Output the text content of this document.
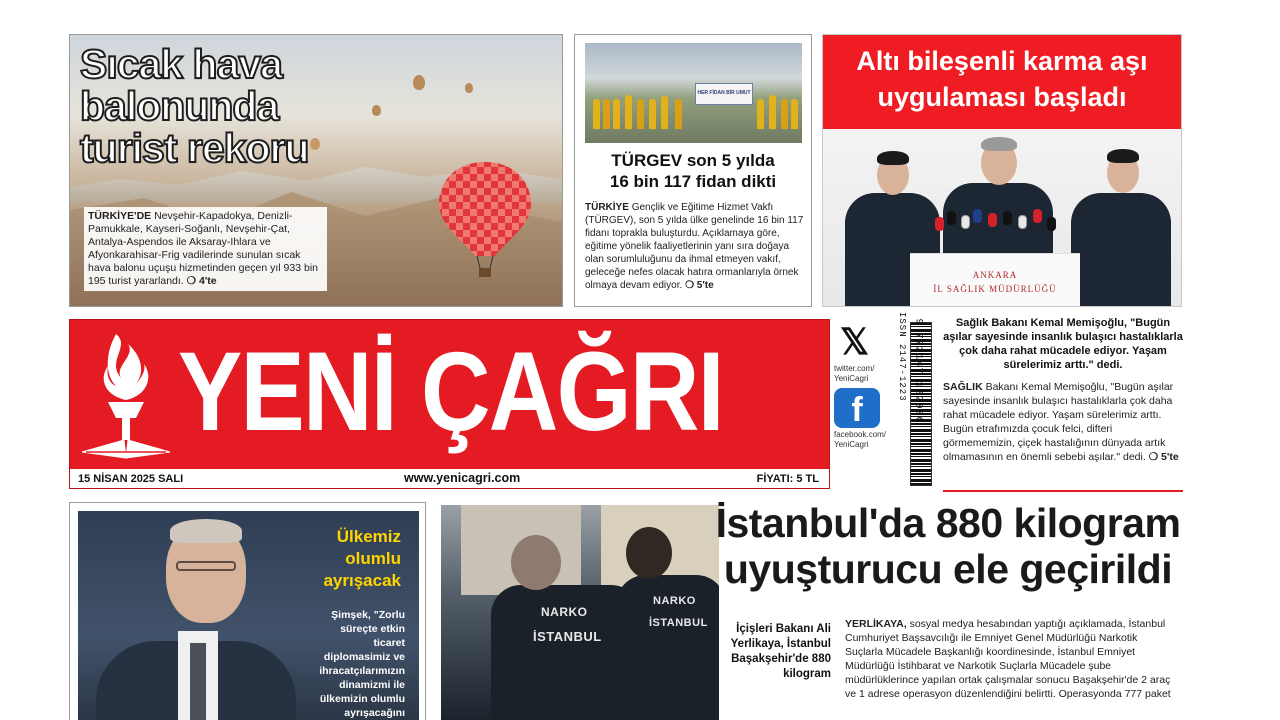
Sıcak hava
balonunda
turist rekoru
TÜRKİYE'DE Nevşehir-Kapadokya, Denizli-Pamukkale, Kayseri-Soğanlı, Nevşehir-Çat, Antalya-Aspendos ile Aksaray-Ihlara ve Afyonkarahisar-Frig vadilerinde sunulan sıcak hava balonu uçuşu hizmetinden geçen yıl 933 bin 195 turist yararlandı. ❍ 4'te
HER FİDAN BİR UMUT
TÜRGEV son 5 yılda
16 bin 117 fidan dikti
TÜRKİYE Gençlik ve Eğitime Hizmet Vakfı (TÜRGEV), son 5 yılda ülke genelinde 16 bin 117 fidanı toprakla buluşturdu. Açıklamaya göre, eğitime yönelik faaliyetlerinin yanı sıra doğaya olan sorumluluğunu da ihmal etmeyen vakıf, geleceğe nefes olacak hatıra ormanlarıyla örnek olmaya devam ediyor. ❍ 5'te
Altı bileşenli karma aşı
uygulaması başladı
ANKARA
İL SAĞLIK MÜDÜRLÜĞÜ
YENİ ÇAĞRI
15 NİSAN 2025 SALI	www.yenicagri.com	FİYATI: 5 TL
𝕏
twitter.com/ YeniCagri
f
facebook.com/ YeniCagri
ISSN 2147-1223 9 772147 122006	Sağlık Bakanı Kemal Memişoğlu, "Bugün aşılar sayesinde insanlık bulaşıcı hastalıklarla çok daha rahat mücadele ediyor. Yaşam sürelerimiz arttı." dedi.
SAĞLIK Bakanı Kemal Memişoğlu, "Bugün aşılar sayesinde insanlık bulaşıcı hastalıklarla çok daha rahat mücadele ediyor. Yaşam sürelerimiz arttı. Bugün etrafımızda çocuk felci, difteri görmememizin, çiçek hastalığının dünyada artık olmamasının en önemli sebebi aşılar." dedi. ❍ 5'te
Ülkemiz
olumlu
ayrışacak
Şimşek, "Zorlu süreçte etkin ticaret diplomasimiz ve ihracatçılarımızın dinamizmi ile ülkemizin olumlu ayrışacağını
NARKO
İSTANBUL
NARKO
İSTANBUL
İstanbul'da 880 kilogram
uyuşturucu ele geçirildi
İçişleri Bakanı Ali Yerlikaya, İstanbul Başakşehir'de 880 kilogram
YERLİKAYA, sosyal medya hesabından yaptığı açıklamada, İstanbul Cumhuriyet Başsavcılığı ile Emniyet Genel Müdürlüğü Narkotik Suçlarla Mücadele Başkanlığı koordinesinde, İstanbul Emniyet Müdürlüğü İstihbarat ve Narkotik Suçlarla Mücadele şube müdürlüklerince yapılan ortak çalışmalar sonucu Başakşehir'de 2 araç ve 1 adrese operasyon düzenlendiğini belirtti. Operasyonda 777 paket
